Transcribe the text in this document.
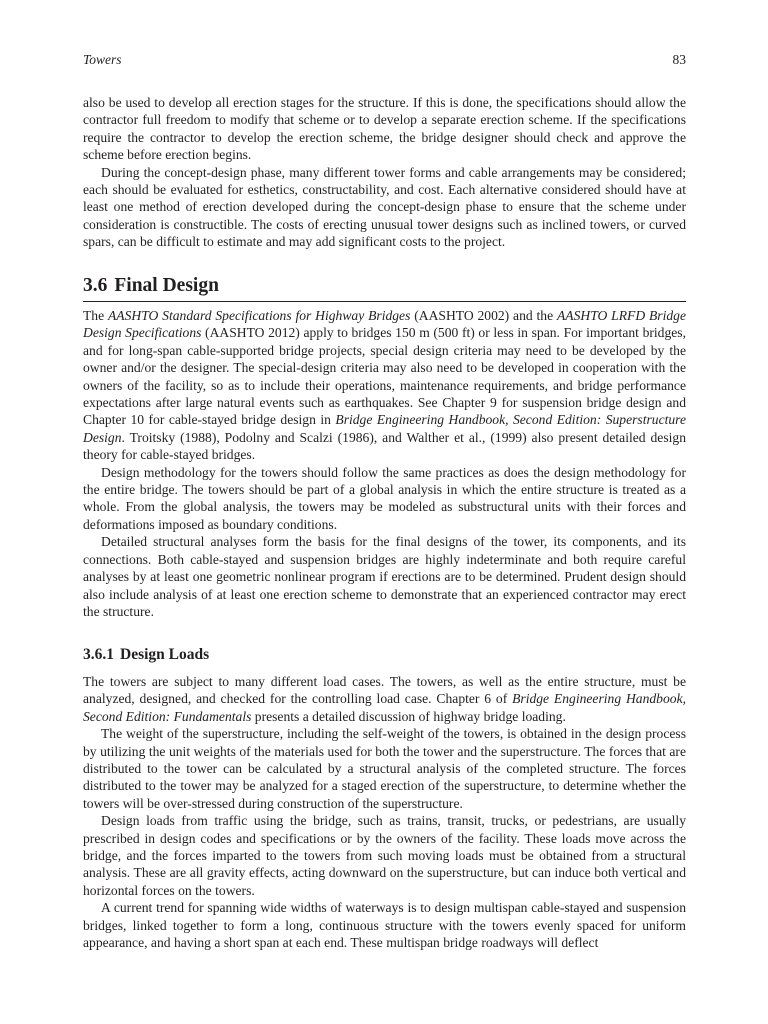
Towers	83

also be used to develop all erection stages for the structure. If this is done, the specifications should allow the contractor full freedom to modify that scheme or to develop a separate erection scheme. If the specifications require the contractor to develop the erection scheme, the bridge designer should check and approve the scheme before erection begins.

During the concept-design phase, many different tower forms and cable arrangements may be considered; each should be evaluated for esthetics, constructability, and cost. Each alternative considered should have at least one method of erection developed during the concept-design phase to ensure that the scheme under consideration is constructible. The costs of erecting unusual tower designs such as inclined towers, or curved spars, can be difficult to estimate and may add significant costs to the project.

3.6 Final Design

The AASHTO Standard Specifications for Highway Bridges (AASHTO 2002) and the AASHTO LRFD Bridge Design Specifications (AASHTO 2012) apply to bridges 150 m (500 ft) or less in span. For important bridges, and for long-span cable-supported bridge projects, special design criteria may need to be developed by the owner and/or the designer. The special-design criteria may also need to be developed in cooperation with the owners of the facility, so as to include their operations, maintenance requirements, and bridge performance expectations after large natural events such as earthquakes. See Chapter 9 for suspension bridge design and Chapter 10 for cable-stayed bridge design in Bridge Engineering Handbook, Second Edition: Superstructure Design. Troitsky (1988), Podolny and Scalzi (1986), and Walther et al., (1999) also present detailed design theory for cable-stayed bridges.

Design methodology for the towers should follow the same practices as does the design methodology for the entire bridge. The towers should be part of a global analysis in which the entire structure is treated as a whole. From the global analysis, the towers may be modeled as substructural units with their forces and deformations imposed as boundary conditions.

Detailed structural analyses form the basis for the final designs of the tower, its components, and its connections. Both cable-stayed and suspension bridges are highly indeterminate and both require careful analyses by at least one geometric nonlinear program if erections are to be determined. Prudent design should also include analysis of at least one erection scheme to demonstrate that an experienced contractor may erect the structure.

3.6.1 Design Loads

The towers are subject to many different load cases. The towers, as well as the entire structure, must be analyzed, designed, and checked for the controlling load case. Chapter 6 of Bridge Engineering Handbook, Second Edition: Fundamentals presents a detailed discussion of highway bridge loading.

The weight of the superstructure, including the self-weight of the towers, is obtained in the design process by utilizing the unit weights of the materials used for both the tower and the superstructure. The forces that are distributed to the tower can be calculated by a structural analysis of the completed structure. The forces distributed to the tower may be analyzed for a staged erection of the superstructure, to determine whether the towers will be over-stressed during construction of the superstructure.

Design loads from traffic using the bridge, such as trains, transit, trucks, or pedestrians, are usually prescribed in design codes and specifications or by the owners of the facility. These loads move across the bridge, and the forces imparted to the towers from such moving loads must be obtained from a structural analysis. These are all gravity effects, acting downward on the superstructure, but can induce both vertical and horizontal forces on the towers.

A current trend for spanning wide widths of waterways is to design multispan cable-stayed and suspension bridges, linked together to form a long, continuous structure with the towers evenly spaced for uniform appearance, and having a short span at each end. These multispan bridge roadways will deflect
